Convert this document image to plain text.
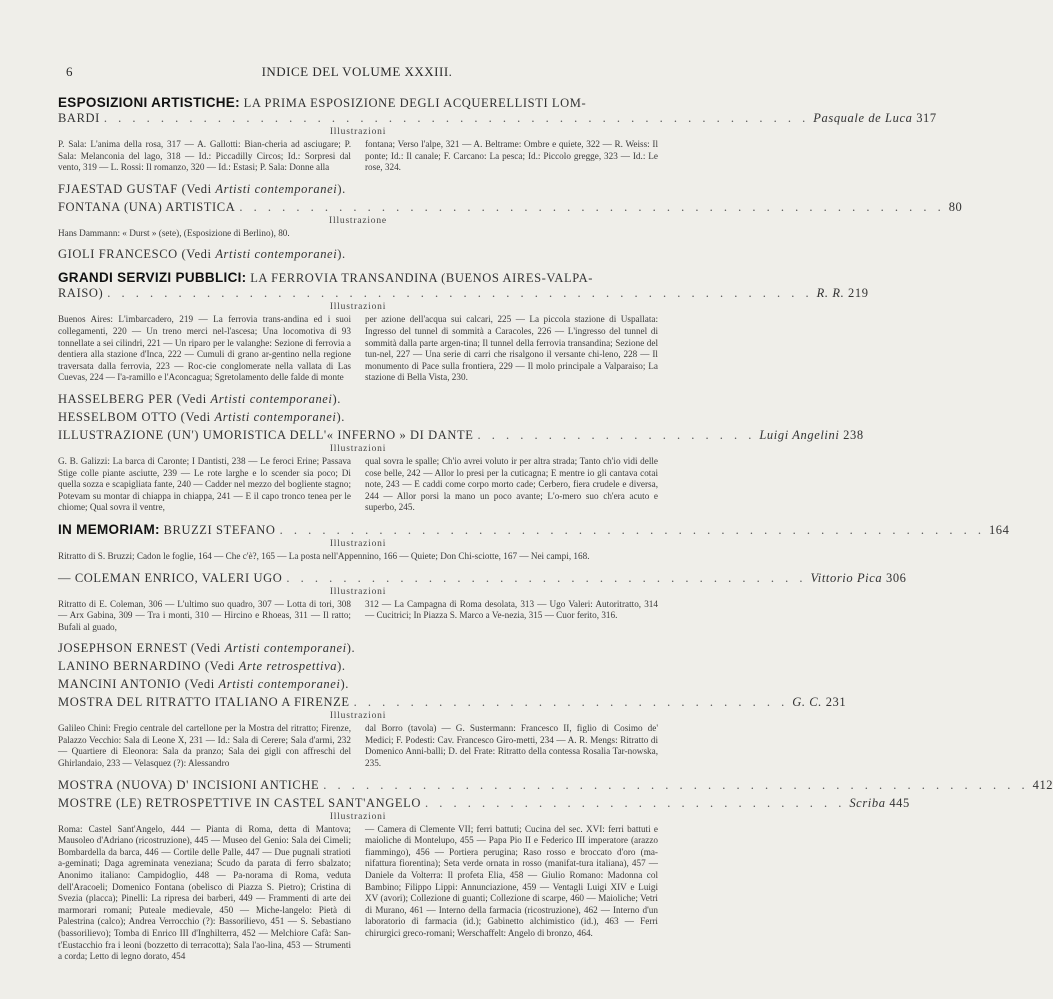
6	INDICE DEL VOLUME XXXIII.
ESPOSIZIONI ARTISTICHE: LA PRIMA ESPOSIZIONE DEGLI ACQUERELLISTI LOM-
BARDI . . . . . . . . . . . . . . . . . . . . . . . . . . . . . . . . . . . . . . . . . . . . . . . . . . Pasquale de Luca 317
Illustrazioni
P. Sala: L'anima della rosa, 317 — A. Gallotti: Bian-cheria ad asciugare; P. Sala: Melanconia del lago, 318 — Id.: Piccadilly Circos; Id.: Sorpresi dal vento, 319 — L. Rossi: Il romanzo, 320 — Id.: Estasi; P. Sala: Donne alla
fontana; Verso l'alpe, 321 — A. Beltrame: Ombre e quiete, 322 — R. Weiss: Il ponte; Id.: Il canale; F. Carcano: La pesca; Id.: Piccolo gregge, 323 — Id.: Le rose, 324.
FJAESTAD GUSTAF (Vedi Artisti contemporanei).
FONTANA (UNA) ARTISTICA . . . . . . . . . . . . . . . . . . . . . . . . . . . . . . . . . . . . . . . . . . . . . . . . . . 80
Illustrazione
Hans Dammann: « Durst » (sete), (Esposizione di Berlino), 80.
GIOLI FRANCESCO (Vedi Artisti contemporanei).
GRANDI SERVIZI PUBBLICI: LA FERROVIA TRANSANDINA (BUENOS AIRES-VALPA-
RAISO) . . . . . . . . . . . . . . . . . . . . . . . . . . . . . . . . . . . . . . . . . . . . . . . . . . R. R. 219
Illustrazioni
Buenos Aires: L'imbarcadero, 219 — La ferrovia trans-andina ed i suoi collegamenti, 220 — Un treno merci nel-l'ascesa; Una locomotiva di 93 tonnellate a sei cilindri, 221 — Un riparo per le valanghe: Sezione di ferrovia a dentiera alla stazione d'Inca, 222 — Cumuli di grano ar-gentino nella regione traversata dalla ferrovia, 223 — Roc-cie conglomerate nella vallata di Las Cuevas, 224 — I'a-ramillo e l'Aconcagua; Sgretolamento delle falde di monte
per azione dell'acqua sui calcari, 225 — La piccola stazione di Uspallata: Ingresso del tunnel di sommità a Caracoles, 226 — L'ingresso del tunnel di sommità dalla parte argen-tina; Il tunnel della ferrovia transandina; Sezione del tun-nel, 227 — Una serie di carri che risalgono il versante chi-leno, 228 — Il monumento di Pace sulla frontiera, 229 — Il molo principale a Valparaiso; La stazione di Bella Vista, 230.
HASSELBERG PER (Vedi Artisti contemporanei).
HESSELBOM OTTO (Vedi Artisti contemporanei).
ILLUSTRAZIONE (UN') UMORISTICA DELL'« INFERNO » DI DANTE . . . . . . . . . . . . . . . . . . . . Luigi Angelini 238
Illustrazioni
G. B. Galizzi: La barca di Caronte; I Dantisti, 238 — Le feroci Erine; Passava Stige colle piante asciutte, 239 — Le rote larghe e lo scender sia poco; Di quella sozza e scapigliata fante, 240 — Cadder nel mezzo del bogliente stagno; Potevam su montar di chiappa in chiappa, 241 — E il capo tronco tenea per le chiome; Qual sovra il ventre,
qual sovra le spalle; Ch'io avrei voluto ir per altra strada; Tanto ch'io vidi delle cose belle, 242 — Allor lo presi per la cuticagna; E mentre io gli cantava cotai note, 243 — E caddi come corpo morto cade; Cerbero, fiera crudele e diversa, 244 — Allor porsi la mano un poco avante; L'o-mero suo ch'era acuto e superbo, 245.
IN MEMORIAM: BRUZZI STEFANO . . . . . . . . . . . . . . . . . . . . . . . . . . . . . . . . . . . . . . . . . . . . . . . . . . 164
Illustrazioni
Ritratto di S. Bruzzi; Cadon le foglie, 164 — Che c'è?, 165 — La posta nell'Appennino, 166 — Quiete; Don Chi-sciotte, 167 — Nei campi, 168.
— COLEMAN ENRICO, VALERI UGO . . . . . . . . . . . . . . . . . . . . . . . . . . . . . . . . . . . . . Vittorio Pica 306
Illustrazioni
Ritratto di E. Coleman, 306 — L'ultimo suo quadro, 307 — Lotta di tori, 308 — Arx Gabina, 309 — Tra i monti, 310 — Hircino e Rhoeas, 311 — Il ratto; Bufali al guado,
312 — La Campagna di Roma desolata, 313 — Ugo Valeri: Autoritratto, 314 — Cucitrici; In Piazza S. Marco a Ve-nezia, 315 — Cuor ferito, 316.
JOSEPHSON ERNEST (Vedi Artisti contemporanei).
LANINO BERNARDINO (Vedi Arte retrospettiva).
MANCINI ANTONIO (Vedi Artisti contemporanei).
MOSTRA DEL RITRATTO ITALIANO A FIRENZE . . . . . . . . . . . . . . . . . . . . . . . . . . . . . . . G. C. 231
Illustrazioni
Galileo Chini: Fregio centrale del cartellone per la Mostra del ritratto; Firenze, Palazzo Vecchio: Sala di Leone X, 231 — Id.: Sala di Cerere; Sala d'armi, 232 — Quartiere di Eleonora: Sala da pranzo; Sala dei gigli con affreschi del Ghirlandaio, 233 — Velasquez (?): Alessandro
dal Borro (tavola) — G. Sustermann: Francesco II, figlio di Cosimo de' Medici; F. Podesti: Cav. Francesco Giro-metti, 234 — A. R. Mengs: Ritratto di Domenico Anni-balli; D. del Frate: Ritratto della contessa Rosalia Tar-nowska, 235.
MOSTRA (NUOVA) D' INCISIONI ANTICHE . . . . . . . . . . . . . . . . . . . . . . . . . . . . . . . . . . . . . . . . . . . . . . . . . . 412
MOSTRE (LE) RETROSPETTIVE IN CASTEL SANT'ANGELO . . . . . . . . . . . . . . . . . . . . . . . . . . . . . . Scriba 445
Illustrazioni
Roma: Castel Sant'Angelo, 444 — Pianta di Roma, detta di Mantova; Mausoleo d'Adriano (ricostruzione), 445 — Museo del Genio: Sala dei Cimeli; Bombardella da barca, 446 — Cortile delle Palle, 447 — Due pugnali stratioti a-geminati; Daga agreminata veneziana; Scudo da parata di ferro sbalzato; Anonimo italiano: Campidoglio, 448 — Pa-norama di Roma, veduta dell'Aracoeli; Domenico Fontana (obelisco di Piazza S. Pietro); Cristina di Svezia (placca); Pinelli: La ripresa dei barberi, 449 — Frammenti di arte dei marmorari romani; Puteale medievale, 450 — Miche-langelo: Pietà di Palestrina (calco); Andrea Verrocchio (?): Bassorilievo, 451 — S. Sebastiano (bassorilievo); Tomba di Enrico III d'Inghilterra, 452 — Melchiore Cafà: San-t'Eustacchio fra i leoni (bozzetto di terracotta); Sala l'ao-lina, 453 — Strumenti a corda; Letto di legno dorato, 454
— Camera di Clemente VII; ferri battuti; Cucina del sec. XVI: ferri battuti e maioliche di Montelupo, 455 — Papa Pio II e Federico III imperatore (arazzo fiammingo), 456 — Portiera perugina; Raso rosso e broccato d'oro (ma-nifattura fiorentina); Seta verde ornata in rosso (manifat-tura italiana), 457 — Daniele da Volterra: Il profeta Elia, 458 — Giulio Romano: Madonna col Bambino; Filippo Lippi: Annunciazione, 459 — Ventagli Luigi XIV e Luigi XV (avori); Collezione di guanti; Collezione di scarpe, 460 — Maioliche; Vetri di Murano, 461 — Interno della farmacia (ricostruzione), 462 — Interno d'un laboratorio di farmacia (id.); Gabinetto alchimistico (id.), 463 — Ferri chirurgici greco-romani; Werschaffelt: Angelo di bronzo, 464.
